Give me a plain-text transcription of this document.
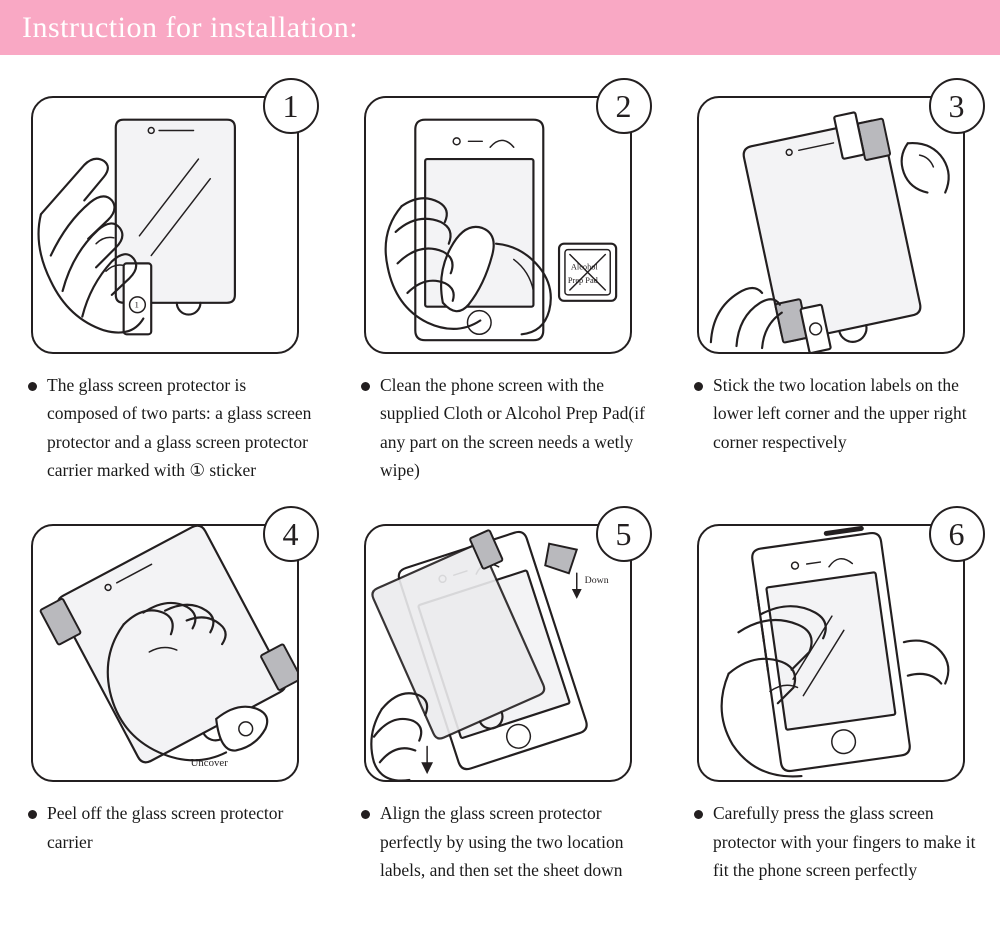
Instruction for installation:
1
1
The glass screen protector is composed of two parts: a glass screen protector and a glass screen protector carrier marked with ① sticker
Alcohol
Prep Pad
2
Clean the phone screen with the supplied Cloth or Alcohol Prep Pad(if any part on the screen needs a wetly wipe)
3
Stick the two location labels on the lower left corner and the upper right corner respectively
Uncover
4
Peel off the glass screen protector carrier
Down
5
Align the glass screen protector perfectly by using the two location labels, and then set the sheet down
6
Carefully press the glass screen protector with your fingers to make it fit the phone screen perfectly
